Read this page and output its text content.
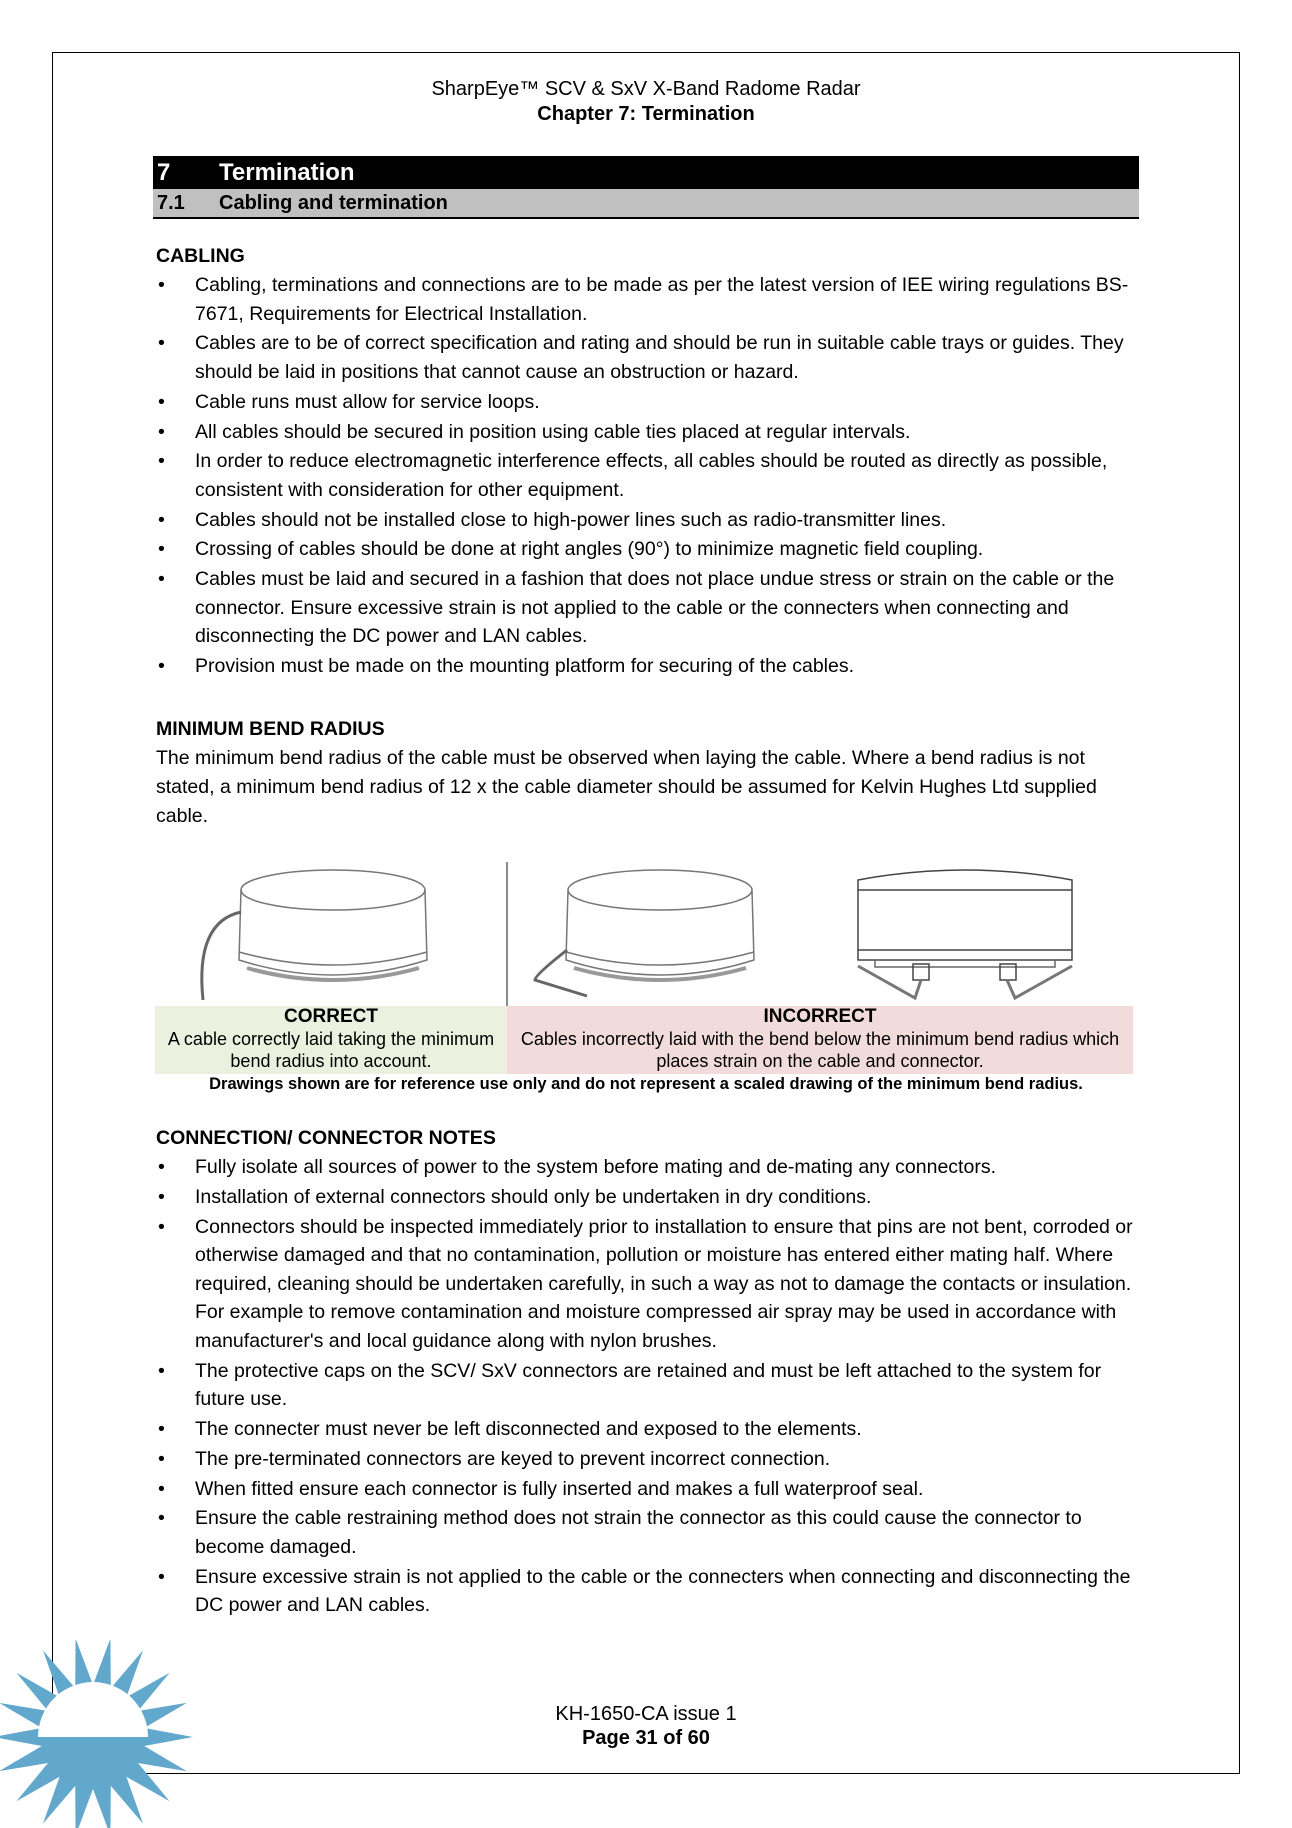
SharpEye™ SCV & SxV X-Band Radome Radar
Chapter 7: Termination
7 Termination
7.1 Cabling and termination
CABLING
• Cabling, terminations and connections are to be made as per the latest version of IEE wiring regulations BS-7671, Requirements for Electrical Installation.
• Cables are to be of correct specification and rating and should be run in suitable cable trays or guides. They should be laid in positions that cannot cause an obstruction or hazard.
• Cable runs must allow for service loops.
• All cables should be secured in position using cable ties placed at regular intervals.
• In order to reduce electromagnetic interference effects, all cables should be routed as directly as possible, consistent with consideration for other equipment.
• Cables should not be installed close to high-power lines such as radio-transmitter lines.
• Crossing of cables should be done at right angles (90°) to minimize magnetic field coupling.
• Cables must be laid and secured in a fashion that does not place undue stress or strain on the cable or the connector. Ensure excessive strain is not applied to the cable or the connecters when connecting and disconnecting the DC power and LAN cables.
• Provision must be made on the mounting platform for securing of the cables.
MINIMUM BEND RADIUS

The minimum bend radius of the cable must be observed when laying the cable. Where a bend radius is not stated, a minimum bend radius of 12 x the cable diameter should be assumed for Kelvin Hughes Ltd supplied cable.

CORRECT
A cable correctly laid taking the minimum bend radius into account.
INCORRECT
Cables incorrectly laid with the bend below the minimum bend radius which places strain on the cable and connector.
Drawings shown are for reference use only and do not represent a scaled drawing of the minimum bend radius.
CONNECTION/ CONNECTOR NOTES
• Fully isolate all sources of power to the system before mating and de-mating any connectors.
• Installation of external connectors should only be undertaken in dry conditions.
• Connectors should be inspected immediately prior to installation to ensure that pins are not bent, corroded or otherwise damaged and that no contamination, pollution or moisture has entered either mating half. Where required, cleaning should be undertaken carefully, in such a way as not to damage the contacts or insulation. For example to remove contamination and moisture compressed air spray may be used in accordance with manufacturer's and local guidance along with nylon brushes.
• The protective caps on the SCV/ SxV connectors are retained and must be left attached to the system for future use.
• The connecter must never be left disconnected and exposed to the elements.
• The pre-terminated connectors are keyed to prevent incorrect connection.
• When fitted ensure each connector is fully inserted and makes a full waterproof seal.
• Ensure the cable restraining method does not strain the connector as this could cause the connector to become damaged.
• Ensure excessive strain is not applied to the cable or the connecters when connecting and disconnecting the DC power and LAN cables.
KH-1650-CA issue 1
Page 31 of 60
